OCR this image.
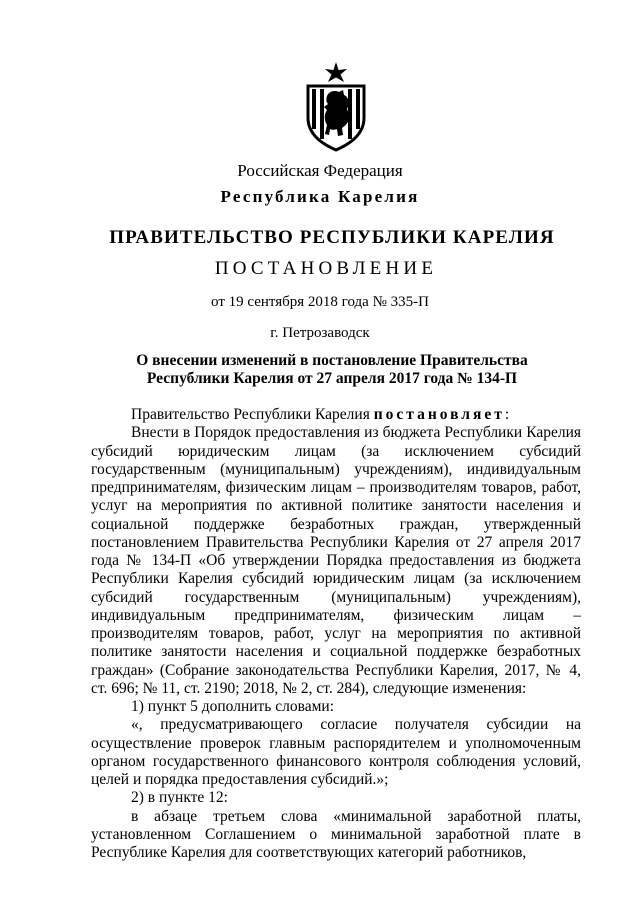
Российская Федерация
Республика Карелия
ПРАВИТЕЛЬСТВО РЕСПУБЛИКИ КАРЕЛИЯ
ПОСТАНОВЛЕНИЕ
от 19 сентября 2018 года № 335-П
г. Петрозаводск
О внесении изменений в постановление Правительства
Республики Карелия от 27 апреля 2017 года № 134-П

Правительство Республики Карелия постановляет:

Внести в Порядок предоставления из бюджета Республики Карелия субсидий юридическим лицам (за исключением субсидий государственным (муниципальным) учреждениям), индивидуальным предпринимателям, физическим лицам – производителям товаров, работ, услуг на мероприятия по активной политике занятости населения и социальной поддержке безработных граждан, утвержденный постановлением Правительства Республики Карелия от 27 апреля 2017 года № 134-П «Об утверждении Порядка предоставления из бюджета Республики Карелия субсидий юридическим лицам (за исключением субсидий государственным (муниципальным) учреждениям), индивидуальным предпринимателям, физическим лицам – производителям товаров, работ, услуг на мероприятия по активной политике занятости населения и социальной поддержке безработных граждан» (Собрание законодательства Республики Карелия, 2017, № 4, ст. 696; № 11, ст. 2190; 2018, № 2, ст. 284), следующие изменения:

1) пункт 5 дополнить словами:

«, предусматривающего согласие получателя субсидии на осуществление проверок главным распорядителем и уполномоченным органом государственного финансового контроля соблюдения условий, целей и порядка предоставления субсидий.»;

2) в пункте 12:

в абзаце третьем слова «минимальной заработной платы, установленном Соглашением о минимальной заработной плате в Республике Карелия для соответствующих категорий работников,
